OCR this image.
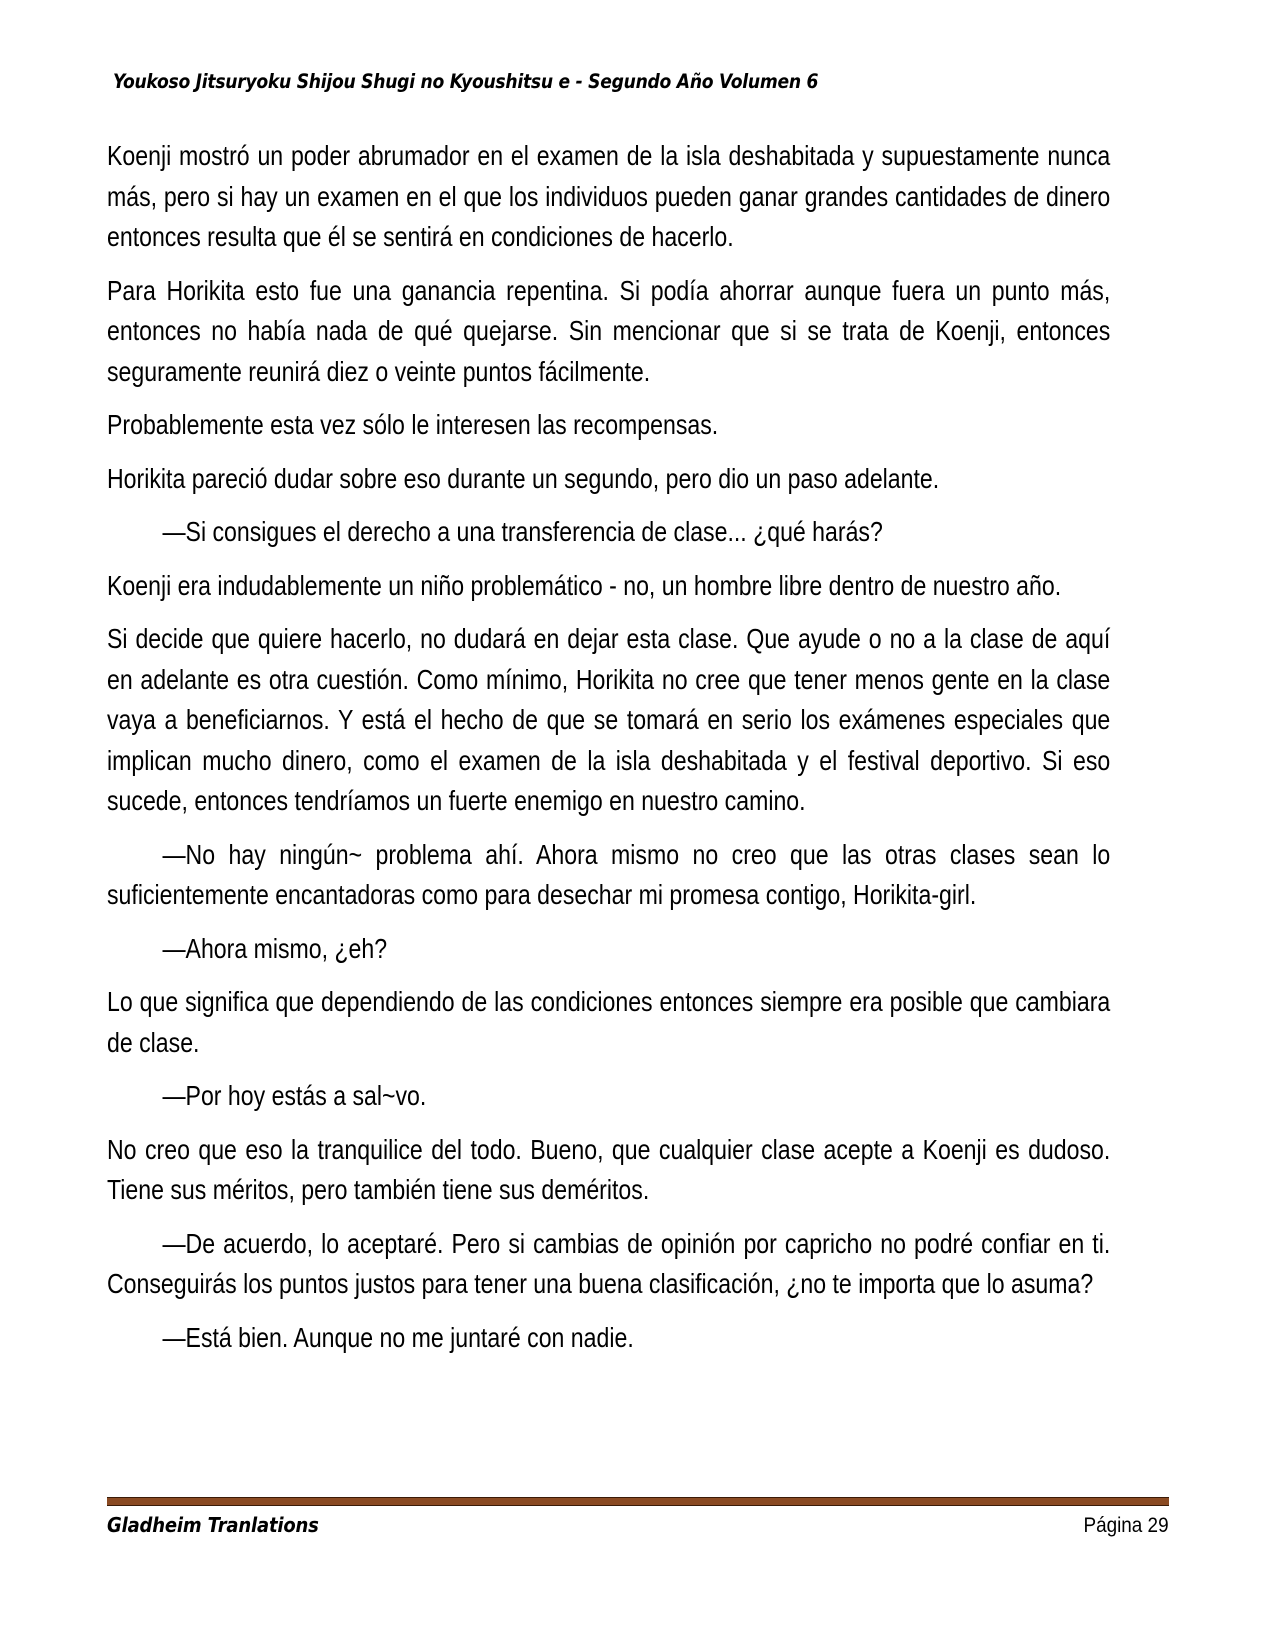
Youkoso Jitsuryoku Shijou Shugi no Kyoushitsu e - Segundo Año Volumen 6

Koenji mostró un poder abrumador en el examen de la isla deshabitada y supuestamente nunca más, pero si hay un examen en el que los individuos pueden ganar grandes cantidades de dinero entonces resulta que él se sentirá en condiciones de hacerlo.

Para Horikita esto fue una ganancia repentina. Si podía ahorrar aunque fuera un punto más, entonces no había nada de qué quejarse. Sin mencionar que si se trata de Koenji, entonces seguramente reunirá diez o veinte puntos fácilmente.

Probablemente esta vez sólo le interesen las recompensas.

Horikita pareció dudar sobre eso durante un segundo, pero dio un paso adelante.

—Si consigues el derecho a una transferencia de clase... ¿qué harás?

Koenji era indudablemente un niño problemático - no, un hombre libre dentro de nuestro año.

Si decide que quiere hacerlo, no dudará en dejar esta clase. Que ayude o no a la clase de aquí en adelante es otra cuestión. Como mínimo, Horikita no cree que tener menos gente en la clase vaya a beneficiarnos. Y está el hecho de que se tomará en serio los exámenes especiales que implican mucho dinero, como el examen de la isla deshabitada y el festival deportivo. Si eso sucede, entonces tendríamos un fuerte enemigo en nuestro camino.

—No hay ningún~ problema ahí. Ahora mismo no creo que las otras clases sean lo suficientemente encantadoras como para desechar mi promesa contigo, Horikita-girl.

—Ahora mismo, ¿eh?

Lo que significa que dependiendo de las condiciones entonces siempre era posible que cambiara de clase.

—Por hoy estás a sal~vo.

No creo que eso la tranquilice del todo. Bueno, que cualquier clase acepte a Koenji es dudoso. Tiene sus méritos, pero también tiene sus deméritos.

—De acuerdo, lo aceptaré. Pero si cambias de opinión por capricho no podré confiar en ti. Conseguirás los puntos justos para tener una buena clasificación, ¿no te importa que lo asuma?

—Está bien. Aunque no me juntaré con nadie.

Gladheim Tranlations	Página 29
